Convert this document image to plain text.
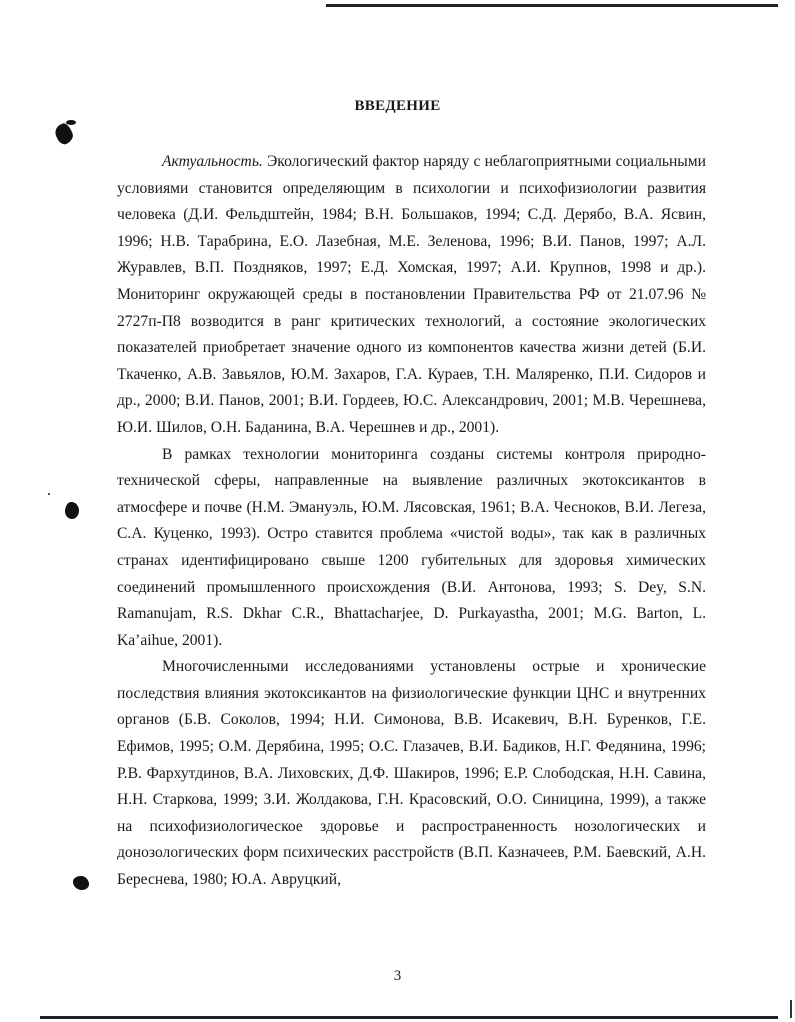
ВВЕДЕНИЕ

Актуальность. Экологический фактор наряду с неблагоприятными социальными условиями становится определяющим в психологии и психофизиологии развития человека (Д.И. Фельдштейн, 1984; В.Н. Большаков, 1994; С.Д. Дерябо, В.А. Ясвин, 1996; Н.В. Тарабрина, Е.О. Лазебная, М.Е. Зеленова, 1996; В.И. Панов, 1997; А.Л. Журавлев, В.П. Поздняков, 1997; Е.Д. Хомская, 1997; А.И. Крупнов, 1998 и др.). Мониторинг окружающей среды в постановлении Правительства РФ от 21.07.96 № 2727п-П8 возводится в ранг критических технологий, а состояние экологических показателей приобретает значение одного из компонентов качества жизни детей (Б.И. Ткаченко, А.В. Завьялов, Ю.М. Захаров, Г.А. Кураев, Т.Н. Маляренко, П.И. Сидоров и др., 2000; В.И. Панов, 2001; В.И. Гордеев, Ю.С. Александрович, 2001; М.В. Черешнева, Ю.И. Шилов, О.Н. Баданина, В.А. Черешнев и др., 2001).

В рамках технологии мониторинга созданы системы контроля природно-технической сферы, направленные на выявление различных экотоксикантов в атмосфере и почве (Н.М. Эмануэль, Ю.М. Лясовская, 1961; В.А. Чесноков, В.И. Легеза, С.А. Куценко, 1993). Остро ставится проблема «чистой воды», так как в различных странах идентифицировано свыше 1200 губительных для здоровья химических соединений промышленного происхождения (В.И. Антонова, 1993; S. Dey, S.N. Ramanujam, R.S. Dkhar C.R., Bhattacharjee, D. Purkayastha, 2001; M.G. Barton, L. Ka’aihue, 2001).

Многочисленными исследованиями установлены острые и хронические последствия влияния экотоксикантов на физиологические функции ЦНС и внутренних органов (Б.В. Соколов, 1994; Н.И. Симонова, В.В. Исакевич, В.Н. Буренков, Г.Е. Ефимов, 1995; О.М. Дерябина, 1995; О.С. Глазачев, В.И. Бадиков, Н.Г. Федянина, 1996; Р.В. Фархутдинов, В.А. Лиховских, Д.Ф. Шакиров, 1996; Е.Р. Слободская, Н.Н. Савина, Н.Н. Старкова, 1999; З.И. Жолдакова, Г.Н. Красовский, О.О. Синицина, 1999), а также на психофизиологическое здоровье и распространенность нозологических и донозологических форм психических расстройств (В.П. Казначеев, Р.М. Баевский, А.Н. Береснева, 1980; Ю.А. Авруцкий,

3
